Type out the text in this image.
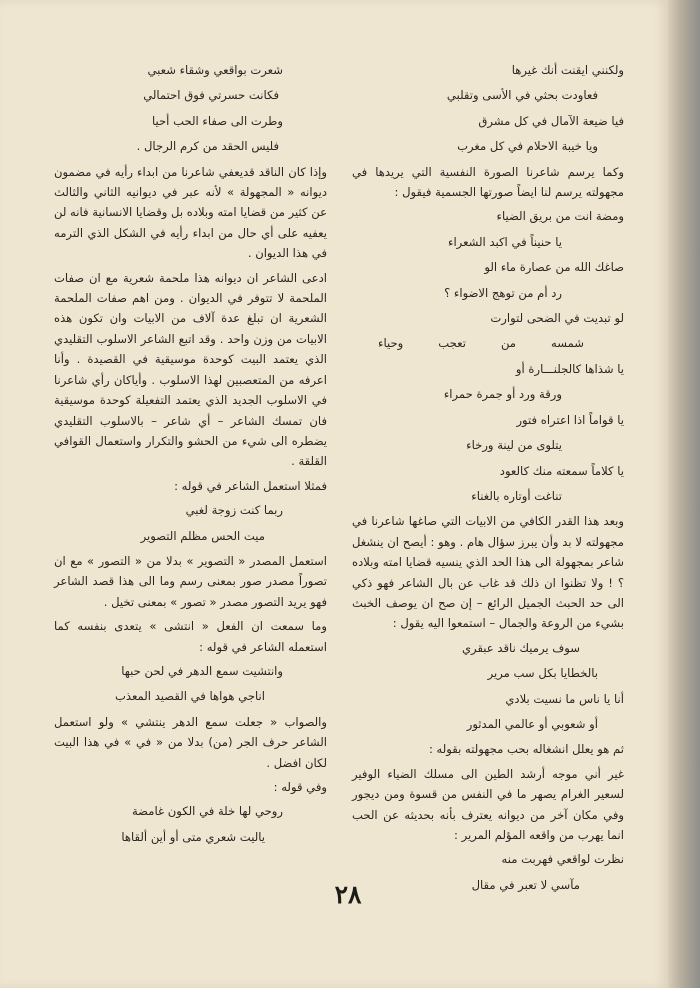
ولكنني ايقنت أنك غيرها
فعاودت بحثي في الأسى وتقلبي
فيا ضيعة الآمال في كل مشرق
ويا خيبة الاحلام في كل مغرب

وكما يرسم شاعرنا الصورة النفسية التي يريدها في مجهولته يرسم لنا ايضاً صورتها الجسمية فيقول :

ومضة انت من بريق الضياء
يا حنيناً في اكبد الشعراء
صاغك الله من عصارة ماء الو
رد أم من توهج الاضواء ؟
لو تبديت في الضحى لتوارت
شمسه
من
تعجب
وحياء
يا شذاها كالجلنـــارة أو
ورقة ورد أو جمرة حمراء
يا قواماً اذا اعتراه فتور
يتلوى من لينة ورخاء
يا كلاماً سمعته منك كالعود
تناغت أوتاره بالغناء

وبعد هذا القدر الكافي من الابيات التي صاغها شاعرنا في مجهولته لا بد وأن يبرز سؤال هام . وهو : أيصح ان ينشغل شاعر بمجهولة الى هذا الحد الذي ينسيه قضايا امته وبلاده ؟ ! ولا تظنوا ان ذلك قد غاب عن بال الشاعر فهو ذكي الى حد الحبث الجميل الرائع – إن صح ان يوصف الخبث بشيء من الروعة والجمال – استمعوا اليه يقول :

سوف يرميك ناقد عبقري
بالخطايا بكل سب مرير
أنا يا ناس ما نسيت بلادي
أو شعوبي أو عالمي المدثور

ثم هو يعلل انشغاله بحب مجهولته بقوله :

غير أني موجه أرشد الطين الى مسلك الضياء الوفير لسعير الغرام يصهر ما في النفس من قسوة ومن ديجور وفي مكان آخر من ديوانه يعترف بأنه بحديثه عن الحب انما يهرب من واقعه المؤلم المرير :

نظرت لواقعي فهربت منه
مآسي لا تعبر في مقال
شعرت بواقعي وشقاء شعبي
فكانت حسرتي فوق احتمالي
وطرت الى صفاء الحب أحيا
فليس الحقد من كرم الرجال .

وإذا كان الناقد قديعفي شاعرنا من ابداء رأيه في مضمون ديوانه « المجهولة » لأنه عبر في ديوانيه الثاني والثالث عن كثير من قضايا امته وبلاده بل وقضايا الانسانية فانه لن يعفيه على أي حال من ابداء رأيه في الشكل الذي الترمه في هذا الديوان .

ادعى الشاعر ان ديوانه هذا ملحمة شعرية مع ان صفات الملحمة لا تتوفر في الديوان . ومن اهم صفات الملحمة الشعرية ان تبلغ عدة آلاف من الابيات وان تكون هذه الابيات من وزن واحد . وقد اتبع الشاعر الاسلوب التقليدي الذي يعتمد البيت كوحدة موسيقية في القصيدة . وأنا اعرفه من المتعصبين لهذا الاسلوب . وأياكان رأي شاعرنا في الاسلوب الجديد الذي يعتمد التفعيلة كوحدة موسيقية فان تمسك الشاعر – أي شاعر – بالاسلوب التقليدي يضطره الى شيء من الحشو والتكرار واستعمال القوافي القلقة .

فمثلا استعمل الشاعر في قوله :

ربما كنت زوجة لغبي
ميت الحس مظلم التصوير

استعمل المصدر « التصوير » بدلا من « التصور » مع ان تصوراً مصدر صور بمعنى رسم وما الى هذا قصد الشاعر فهو يريد التصور مصدر « تصور » بمعنى تخيل .

وما سمعت ان الفعل « انتشى » يتعدى بنفسه كما استعمله الشاعر في قوله :

وانتشيت سمع الدهر في لحن حبها
اناجي هواها في القصيد المعذب

والصواب « جعلت سمع الدهر ينتشي » ولو استعمل الشاعر حرف الجر (من) بدلا من « في » في هذا البيت لكان افضل .

وفي قوله :

روحي لها خلة في الكون غامضة
ياليت شعري متى أو أين ألقاها
٢٨
